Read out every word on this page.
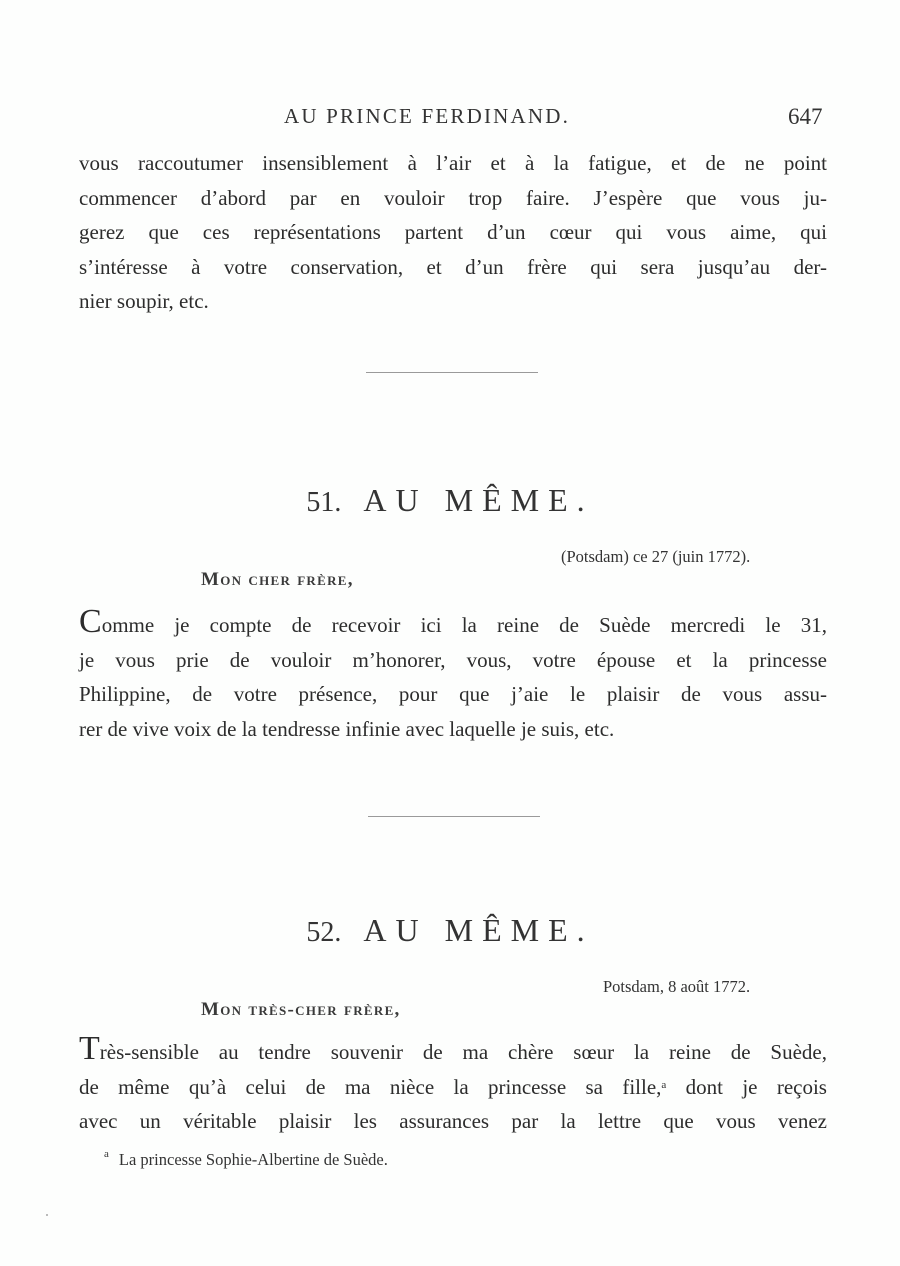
AU PRINCE FERDINAND.	647
vous raccoutumer insensiblement à l’air et à la fatigue, et de ne point
commencer d’abord par en vouloir trop faire. J’espère que vous ju-
gerez que ces représentations partent d’un cœur qui vous aime, qui
s’intéresse à votre conservation, et d’un frère qui sera jusqu’au der-
nier soupir, etc.
51. AU MÊME.
(Potsdam) ce 27 (juin 1772).
Mon cher frère,
Comme je compte de recevoir ici la reine de Suède mercredi le 31,
je vous prie de vouloir m’honorer, vous, votre épouse et la princesse
Philippine, de votre présence, pour que j’aie le plaisir de vous assu-
rer de vive voix de la tendresse infinie avec laquelle je suis, etc.
52. AU MÊME.
Potsdam, 8 août 1772.
Mon très-cher frère,
Très-sensible au tendre souvenir de ma chère sœur la reine de Suède,
de même qu’à celui de ma nièce la princesse sa fille,$^a$ dont je reçois
avec un véritable plaisir les assurances par la lettre que vous venez
$^a$ La princesse Sophie-Albertine de Suède.
